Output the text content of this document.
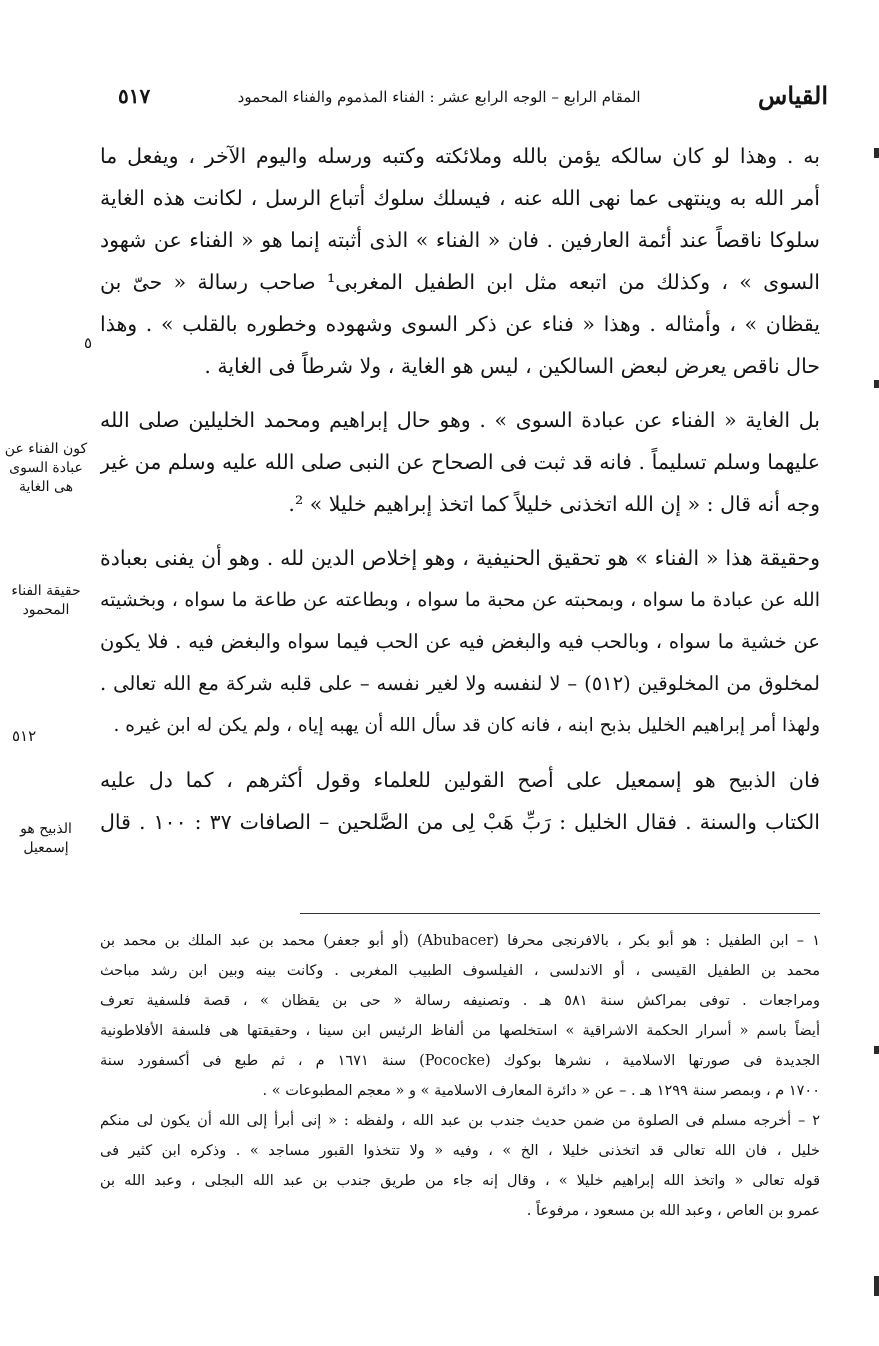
القياس
المقام الرابع – الوجه الرابع عشر : الفناء المذموم والفناء المحمود
٥١٧
به . وهذا لو كان سالكه يؤمن بالله وملائكته وكتبه ورسله واليوم الآخر ، ويفعل ما
أمر الله به وينتهى عما نهى الله عنه ، فيسلك سلوك أتباع الرسل ، لكانت هذه الغاية
سلوكا ناقصاً عند أئمة العارفين . فان « الفناء » الذى أثبته إنما هو « الفناء عن شهود
السوى » ، وكذلك من اتبعه مثل ابن الطفيل المغربى¹ صاحب رسالة « حىّ بن
يقظان » ، وأمثاله . وهذا « فناء عن ذكر السوى وشهوده وخطوره بالقلب » . وهذا
حال ناقص يعرض لبعض السالكين ، ليس هو الغاية ، ولا شرطاً فى الغاية .
بل الغاية « الفناء عن عبادة السوى » . وهو حال إبراهيم ومحمد الخليلين صلى الله
عليهما وسلم تسليماً . فانه قد ثبت فى الصحاح عن النبى صلى الله عليه وسلم من غير
وجه أنه قال : « إن الله اتخذنى خليلاً كما اتخذ إبراهيم خليلا » ².
وحقيقة هذا « الفناء » هو تحقيق الحنيفية ، وهو إخلاص الدين لله . وهو أن يفنى بعبادة
الله عن عبادة ما سواه ، وبمحبته عن محبة ما سواه ، وبطاعته عن طاعة ما سواه ، وبخشيته
عن خشية ما سواه ، وبالحب فيه والبغض فيه عن الحب فيما سواه والبغض فيه . فلا يكون
لمخلوق من المخلوقين (٥١٢) – لا لنفسه ولا لغير نفسه – على قلبه شركة مع الله تعالى .
ولهذا أمر إبراهيم الخليل بذبح ابنه ، فانه كان قد سأل الله أن يهبه إياه ، ولم يكن له ابن غيره .
فان الذبيح هو إسمعيل على أصح القولين للعلماء وقول أكثرهم ، كما دل عليه
الكتاب والسنة . فقال الخليل : رَبِّ هَبْ لِى من الصَّلحين – الصافات ٣٧ : ١٠٠ . قال
كون الفناء عن عبادة السوى هى الغاية
حقيقة الفناء المحمود
الذبيح هو إسمعيل
٥١٢
٥
١ – ابن الطفيل : هو أبو بكر ، بالافرنجى محرفا (Abubacer) (أو أبو جعفر) محمد بن عبد الملك بن محمد بن
محمد بن الطفيل القيسى ، أو الاندلسى ، الفيلسوف الطبيب المغربى . وكانت بينه وبين ابن رشد مباحث
ومراجعات . توفى بمراكش سنة ٥٨١ هـ . وتصنيفه رسالة « حى بن يقظان » ، قصة فلسفية تعرف
أيضاً باسم « أسرار الحكمة الاشراقية » استخلصها من ألفاظ الرئيس ابن سينا ، وحقيقتها هى فلسفة الأفلاطونية
الجديدة فى صورتها الاسلامية ، نشرها بوكوك (Pococke) سنة ١٦٧١ م ، ثم طبع فى أكسفورد سنة
١٧٠٠ م ، وبمصر سنة ١٢٩٩ هـ . – عن « دائرة المعارف الاسلامية » و « معجم المطبوعات » .
٢ – أخرجه مسلم فى الصلوة من ضمن حديث جندب بن عبد الله ، ولفظه : « إنى أبرأ إلى الله أن يكون لى منكم
خليل ، فان الله تعالى قد اتخذنى خليلا ، الخ » ، وفيه « ولا تتخذوا القبور مساجد » . وذكره ابن كثير فى
قوله تعالى « واتخذ الله إبراهيم خليلا » ، وقال إنه جاء من طريق جندب بن عبد الله البجلى ، وعبد الله بن
عمرو بن العاص ، وعبد الله بن مسعود ، مرفوعاً .
